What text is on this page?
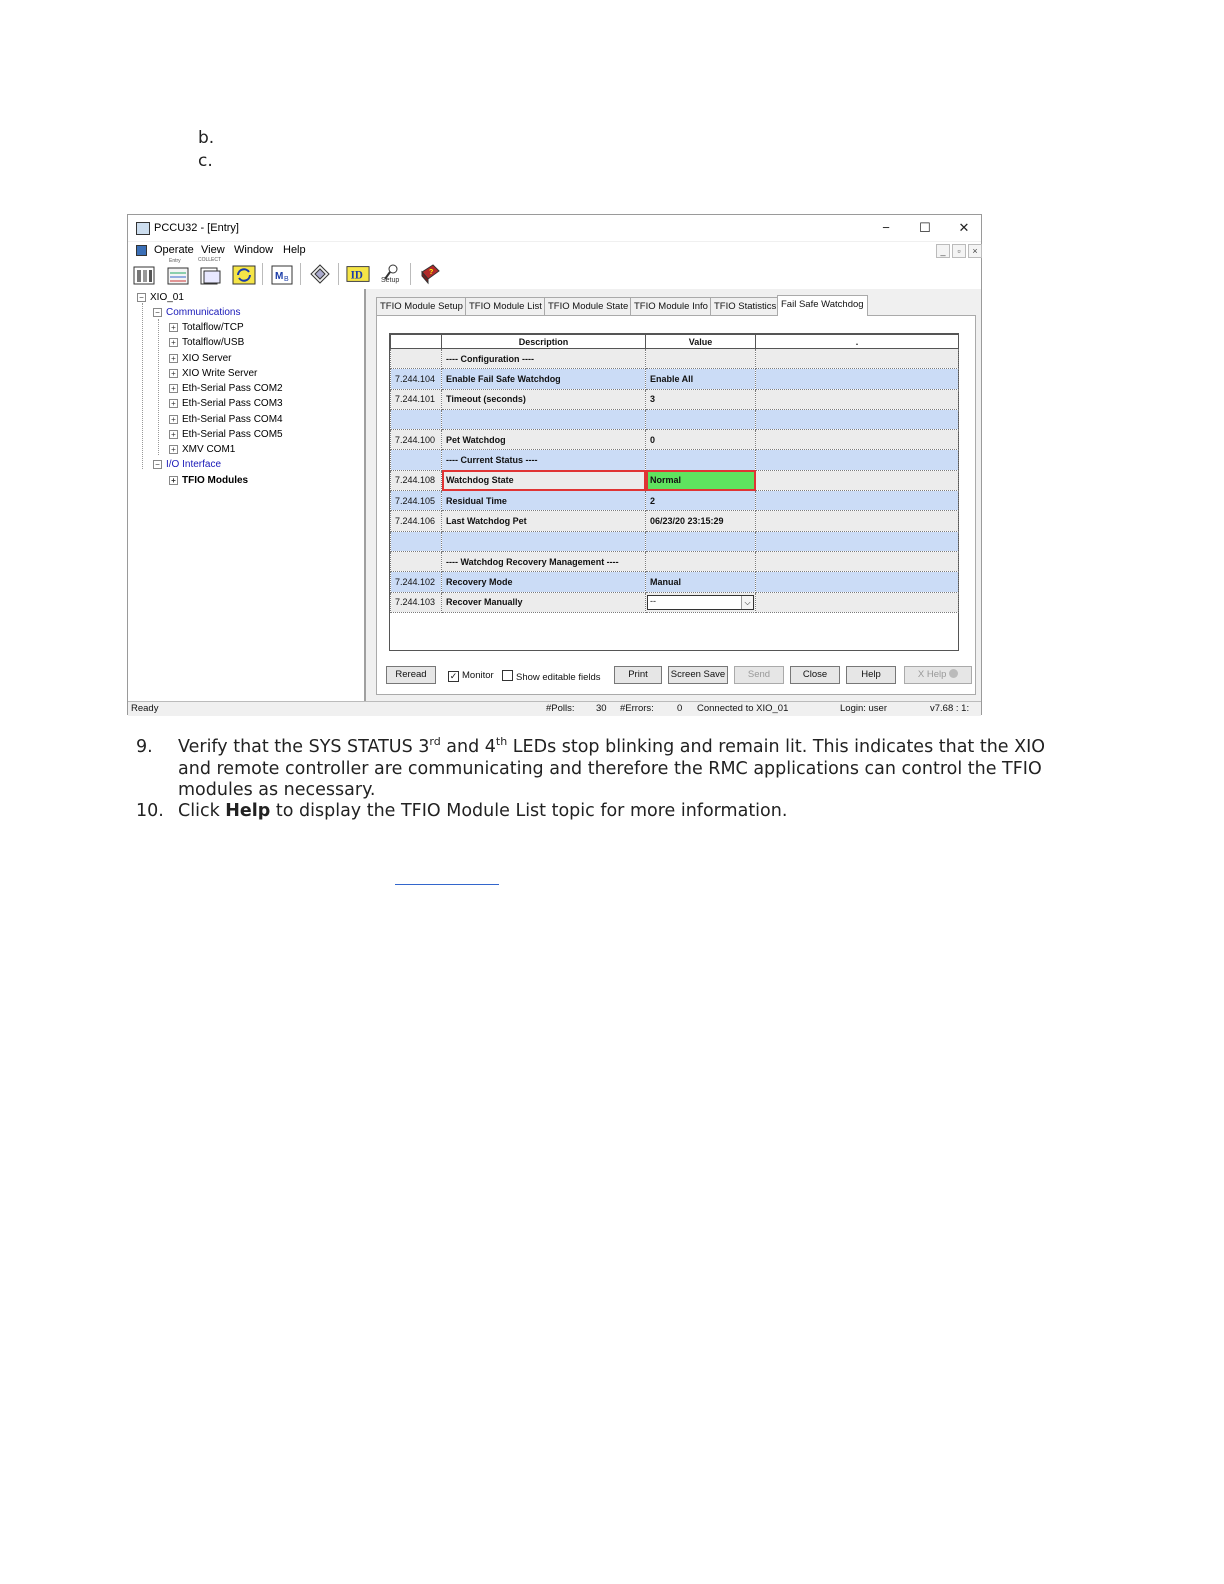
b.
c.
PCCU32 - [Entry]	−	☐	✕
Operate View Window Help	_	▫	×
Entry	COLLECT
M B	ID	Setup
?
− XIO_01
− Communications
+ Totalflow/TCP
+ Totalflow/USB
+ XIO Server
+ XIO Write Server
+ Eth-Serial Pass COM2
+ Eth-Serial Pass COM3
+ Eth-Serial Pass COM4
+ Eth-Serial Pass COM5
+ XMV COM1
− I/O Interface
+ TFIO Modules
TFIO Module Setup TFIO Module List TFIO Module State TFIO Module Info TFIO Statistics Fail Safe Watchdog
	Description	Value	.
	---- Configuration ----		
7.244.104	Enable Fail Safe Watchdog	Enable All	
7.244.101	Timeout (seconds)	3	

7.244.100	Pet Watchdog	0	
	---- Current Status ----		
7.244.108	Watchdog State	Normal	
7.244.105	Residual Time	2	
7.244.106	Last Watchdog Pet	06/23/20 23:15:29	

	---- Watchdog Recovery Management ----		
7.244.102	Recovery Mode	Manual	
7.244.103	Recover Manually	-- ⌵	

Reread	✓ Monitor	Show editable fields	Print	Screen Save	Send	Close	Help	X Help
Ready	#Polls: 30 #Errors: 0 Connected to XIO_01	Login: user	v7.68 : 1:
9. Verify that the SYS STATUS 3rd and 4th LEDs stop blinking and remain lit. This indicates that the XIO
and remote controller are communicating and therefore the RMC applications can control the TFIO
modules as necessary.
10. Click Help to display the TFIO Module List topic for more information.
